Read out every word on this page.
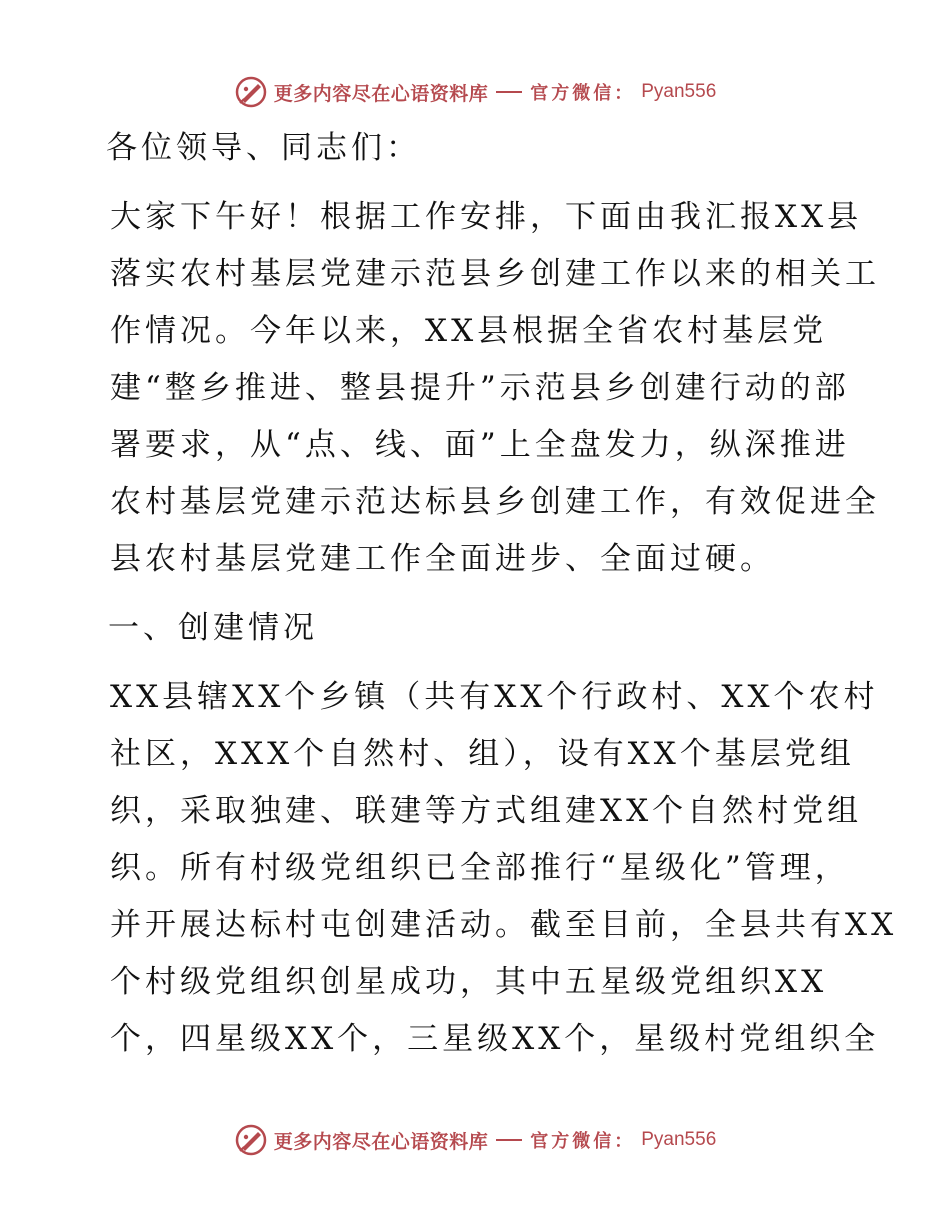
更多内容尽在心语资料库 官方微信： Pyan556

各位领导、同志们：

大家下午好！根据工作安排，下面由我汇报XX县
落实农村基层党建示范县乡创建工作以来的相关工
作情况。今年以来，XX县根据全省农村基层党
建“整乡推进、整县提升”示范县乡创建行动的部
署要求，从“点、线、面”上全盘发力，纵深推进
农村基层党建示范达标县乡创建工作，有效促进全
县农村基层党建工作全面进步、全面过硬。

一、创建情况

XX县辖XX个乡镇（共有XX个行政村、XX个农村
社区，XXX个自然村、组），设有XX个基层党组
织，采取独建、联建等方式组建XX个自然村党组
织。所有村级党组织已全部推行“星级化”管理，
并开展达标村屯创建活动。截至目前，全县共有XX
个村级党组织创星成功，其中五星级党组织XX
个，四星级XX个，三星级XX个，星级村党组织全

更多内容尽在心语资料库 官方微信： Pyan556
